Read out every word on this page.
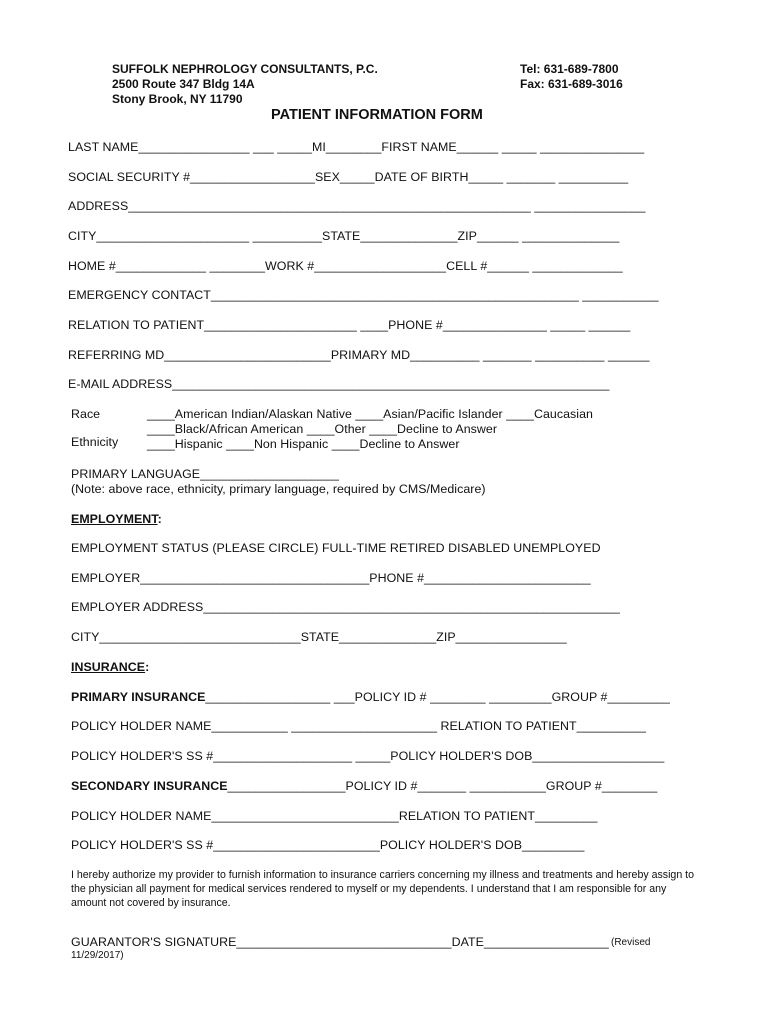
SUFFOLK NEPHROLOGY CONSULTANTS, P.C.
2500 Route 347 Bldg 14A
Stony Brook, NY 11790
Tel: 631-689-7800
Fax: 631-689-3016
PATIENT INFORMATION FORM
LAST NAME________________ ___ _____MI________FIRST NAME______ _____ _______________
SOCIAL SECURITY #__________________SEX_____DATE OF BIRTH_____ _______ __________
ADDRESS__________________________________________________________ ________________
CITY______________________ __________STATE______________ZIP______ ______________
HOME #_____________ ________WORK #___________________CELL #______ _____________
EMERGENCY CONTACT_____________________________________________________ ___________
RELATION TO PATIENT______________________ ____PHONE #_______________ _____ ______
REFERRING MD________________________PRIMARY MD__________ _______ __________ ______
E-MAIL ADDRESS_______________________________________________________________
Race
Ethnicity
____American Indian/Alaskan Native ____Asian/Pacific Islander ____Caucasian
____Black/African American ____Other ____Decline to Answer
____Hispanic ____Non Hispanic ____Decline to Answer
PRIMARY LANGUAGE____________________
(Note: above race, ethnicity, primary language, required by CMS/Medicare)
EMPLOYMENT:
EMPLOYMENT STATUS (PLEASE CIRCLE) FULL-TIME RETIRED DISABLED UNEMPLOYED
EMPLOYER_________________________________PHONE #________________________
EMPLOYER ADDRESS____________________________________________________________
CITY_____________________________STATE______________ZIP________________
INSURANCE:
PRIMARY INSURANCE__________________ ___POLICY ID # ________ _________GROUP #_________
POLICY HOLDER NAME___________ _____________________ RELATION TO PATIENT__________
POLICY HOLDER'S SS #____________________ _____POLICY HOLDER'S DOB___________________
SECONDARY INSURANCE_________________POLICY ID #_______ ___________GROUP #________
POLICY HOLDER NAME___________________________RELATION TO PATIENT_________
POLICY HOLDER'S SS #________________________POLICY HOLDER'S DOB_________
I hereby authorize my provider to furnish information to insurance carriers concerning my illness and treatments and hereby assign to the physician all payment for medical services rendered to myself or my dependents. I understand that I am responsible for any amount not covered by insurance.
GUARANTOR'S SIGNATURE_______________________________DATE__________________ (Revised
11/29/2017)
